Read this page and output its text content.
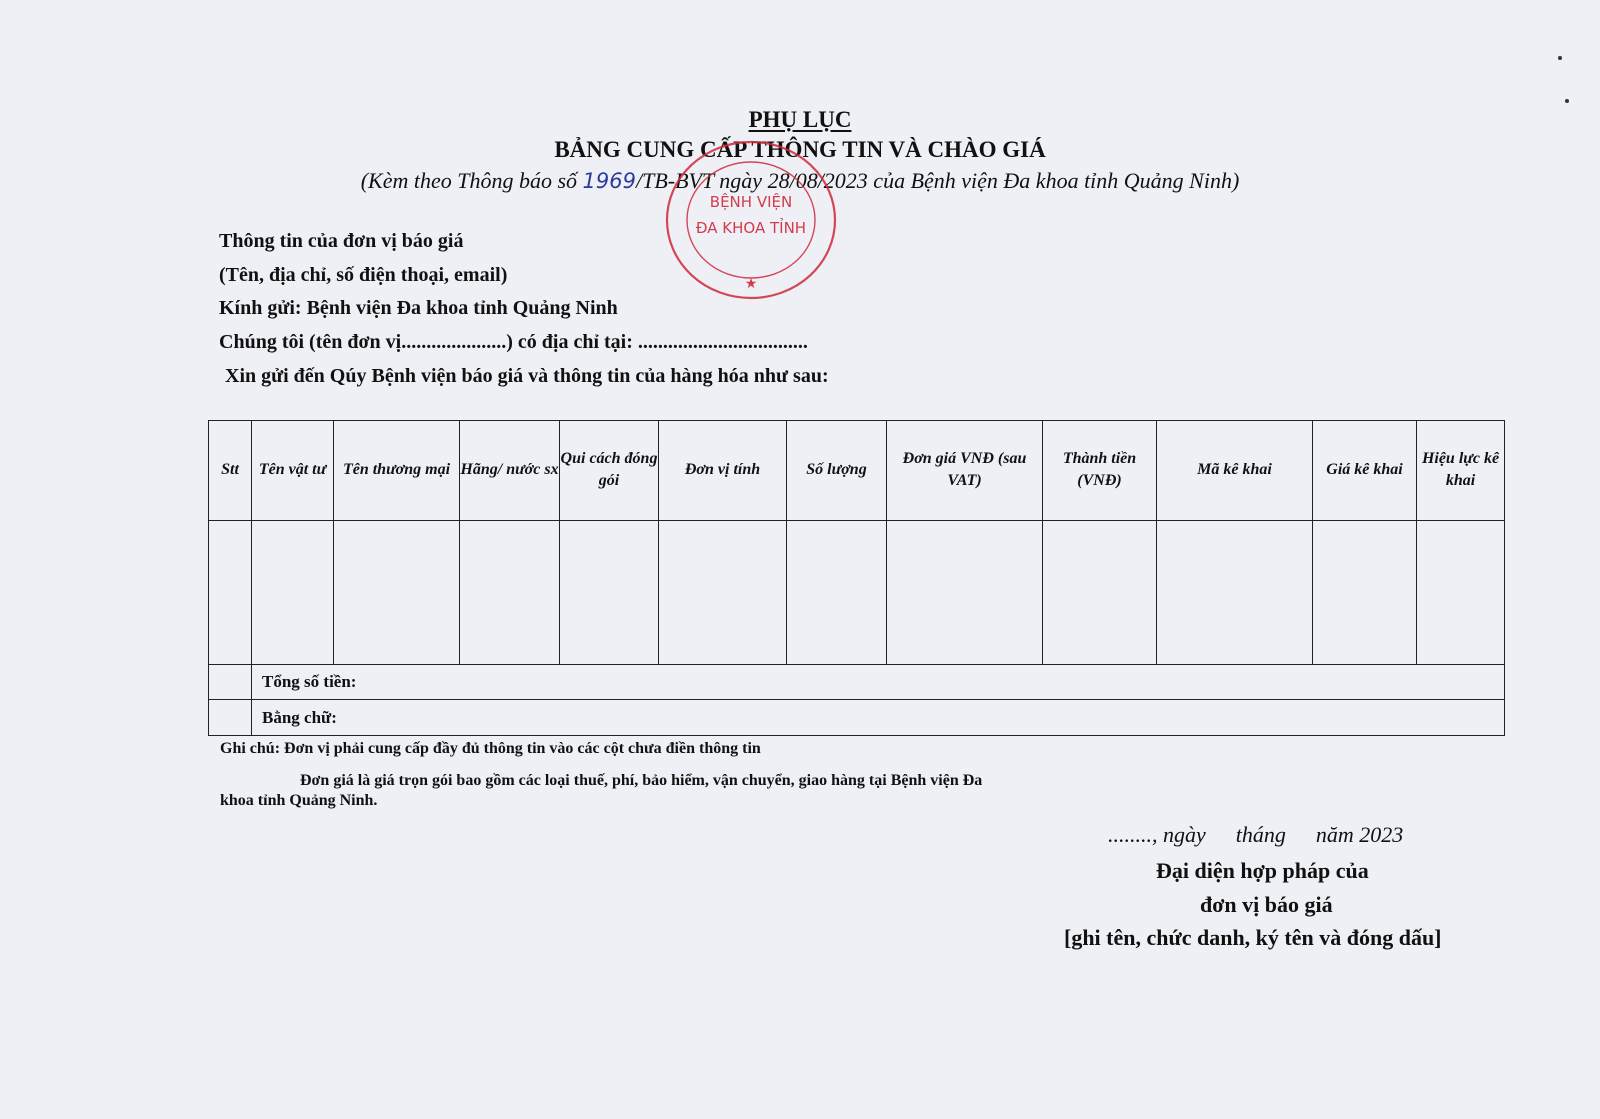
PHỤ LỤC

BẢNG CUNG CẤP THÔNG TIN VÀ CHÀO GIÁ

(Kèm theo Thông báo số 1969/TB-BVT ngày 28/08/2023 của Bệnh viện Đa khoa tỉnh Quảng Ninh)

BỆNH VIỆN
ĐA KHOA TỈNH
★

Thông tin của đơn vị báo giá

(Tên, địa chỉ, số điện thoại, email)

Kính gửi: Bệnh viện Đa khoa tỉnh Quảng Ninh

Chúng tôi (tên đơn vị.....................) có địa chỉ tại: ..................................

Xin gửi đến Qúy Bệnh viện báo giá và thông tin của hàng hóa như sau:

Stt	Tên vật tư	Tên thương mại	Hãng/ nước sx	Qui cách đóng gói	Đơn vị tính	Số lượng	Đơn giá VNĐ (sau VAT)	Thành tiền (VNĐ)	Mã kê khai	Giá kê khai	Hiệu lực kê khai

	Tổng số tiền:										
	Bằng chữ:										

Ghi chú: Đơn vị phải cung cấp đầy đủ thông tin vào các cột chưa điền thông tin

Đơn giá là giá trọn gói bao gồm các loại thuế, phí, bảo hiểm, vận chuyển, giao hàng tại Bệnh viện Đa

khoa tỉnh Quảng Ninh.

........, ngày tháng năm 2023

Đại diện hợp pháp của

đơn vị báo giá

[ghi tên, chức danh, ký tên và đóng dấu]
